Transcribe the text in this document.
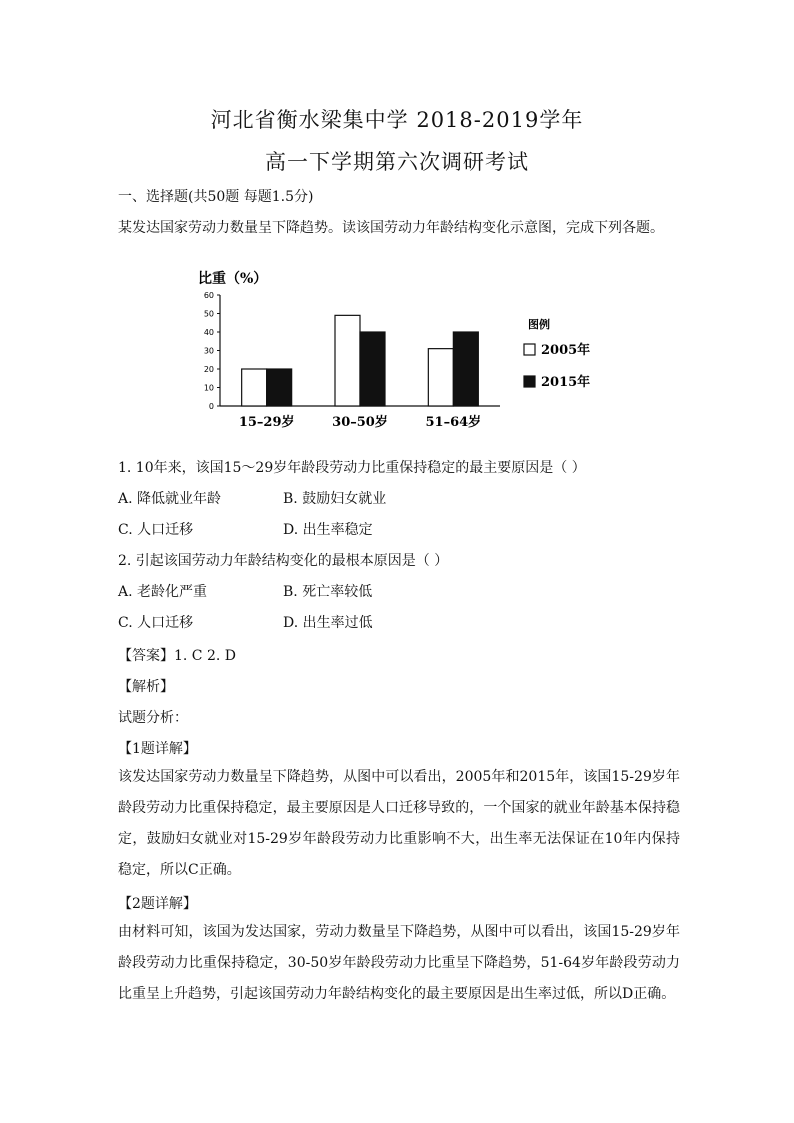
河北省衡水梁集中学 2018-2019学年
高一下学期第六次调研考试
一、选择题(共50题 每题1.5分)
某发达国家劳动力数量呈下降趋势。读该国劳动力年龄结构变化示意图，完成下列各题。
比重（%）
0
10
20
30
40
50
60
15–29岁	30–50岁	51–64岁
图例
2005年
2015年
1. 10年来，该国15～29岁年龄段劳动力比重保持稳定的最主要原因是（ ）
A. 降低就业年龄	B. 鼓励妇女就业
C. 人口迁移	D. 出生率稳定
2. 引起该国劳动力年龄结构变化的最根本原因是（ ）
A. 老龄化严重	B. 死亡率较低
C. 人口迁移	D. 出生率过低
【答案】1. C 2. D
【解析】
试题分析：
【1题详解】
该发达国家劳动力数量呈下降趋势，从图中可以看出，2005年和2015年，该国15-29岁年龄段劳动力比重保持稳定，最主要原因是人口迁移导致的，一个国家的就业年龄基本保持稳定，鼓励妇女就业对15-29岁年龄段劳动力比重影响不大，出生率无法保证在10年内保持稳定，所以C正确。
【2题详解】
由材料可知，该国为发达国家，劳动力数量呈下降趋势，从图中可以看出，该国15-29岁年龄段劳动力比重保持稳定，30-50岁年龄段劳动力比重呈下降趋势，51-64岁年龄段劳动力比重呈上升趋势，引起该国劳动力年龄结构变化的最主要原因是出生率过低，所以D正确。
